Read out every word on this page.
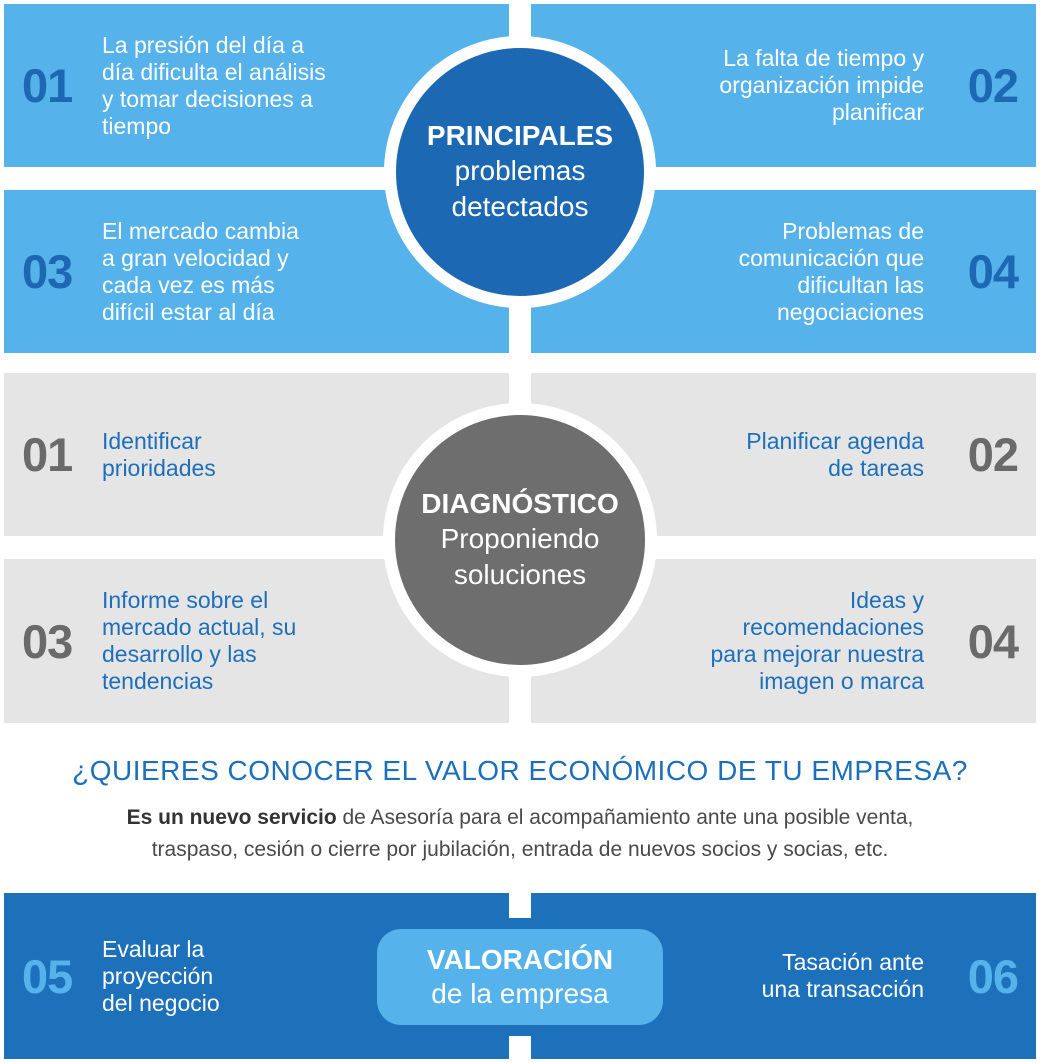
01
La presión del día a
día dificulta el análisis
y tomar decisiones a
tiempo
La falta de tiempo y
organización impide
planificar 02
03
El mercado cambia
a gran velocidad y
cada vez es más
difícil estar al día
Problemas de
comunicación que
dificultan las
negociaciones
04
PRINCIPALES
problemas
detectados
01	Identificar
prioridades
Planificar agenda
de tareas 02
03
Informe sobre el
mercado actual, su
desarrollo y las
tendencias
Ideas y
recomendaciones
para mejorar nuestra
imagen o marca
04
DIAGNÓSTICO
Proponiendo
soluciones
¿QUIERES CONOCER EL VALOR ECONÓMICO DE TU EMPRESA?
Es un nuevo servicio de Asesoría para el acompañamiento ante una posible venta,
traspaso, cesión o cierre por jubilación, entrada de nuevos socios y socias, etc.
05
Evaluar la
proyección
del negocio
Tasación ante
una transacción 06
VALORACIÓN
de la empresa
